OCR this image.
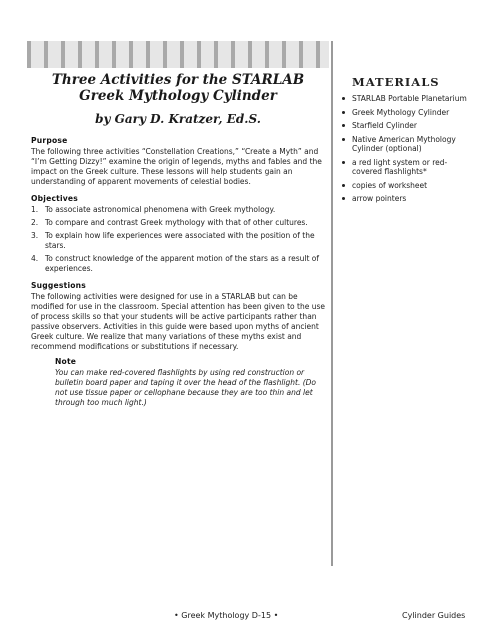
Three Activities for the STARLAB
Greek Mythology Cylinder
by Gary D. Kratzer, Ed.S.
Purpose

The following three activities “Constellation Creations,” “Create a Myth” and “I’m Getting Dizzy!” examine the origin of legends, myths and fables and the impact on the Greek culture. These lessons will help students gain an understanding of apparent movements of celestial bodies.

Objectives
1. To associate astronomical phenomena with Greek mythology.
2. To compare and contrast Greek mythology with that of other cultures.
3. To explain how life experiences were associated with the position of the stars.
4. To construct knowledge of the apparent motion of the stars as a result of experiences.
Suggestions

The following activities were designed for use in a STARLAB but can be modified for use in the classroom. Special attention has been given to the use of process skills so that your students will be active participants rather than passive observers. Activities in this guide were based upon myths of ancient Greek culture. We realize that many variations of these myths exist and recommend modifications or substitutions if necessary.

Note

You can make red-covered flashlights by using red construction or bulletin board paper and taping it over the head of the flashlight. (Do not use tissue paper or cellophane because they are too thin and let through too much light.)

MATERIALS
STARLAB Portable Planetarium
Greek Mythology Cylinder
Starfield Cylinder
Native American Mythology Cylinder (optional)
a red light system or red-covered flashlights*
copies of worksheet
arrow pointers
• Greek Mythology D-15 •	Cylinder Guides
